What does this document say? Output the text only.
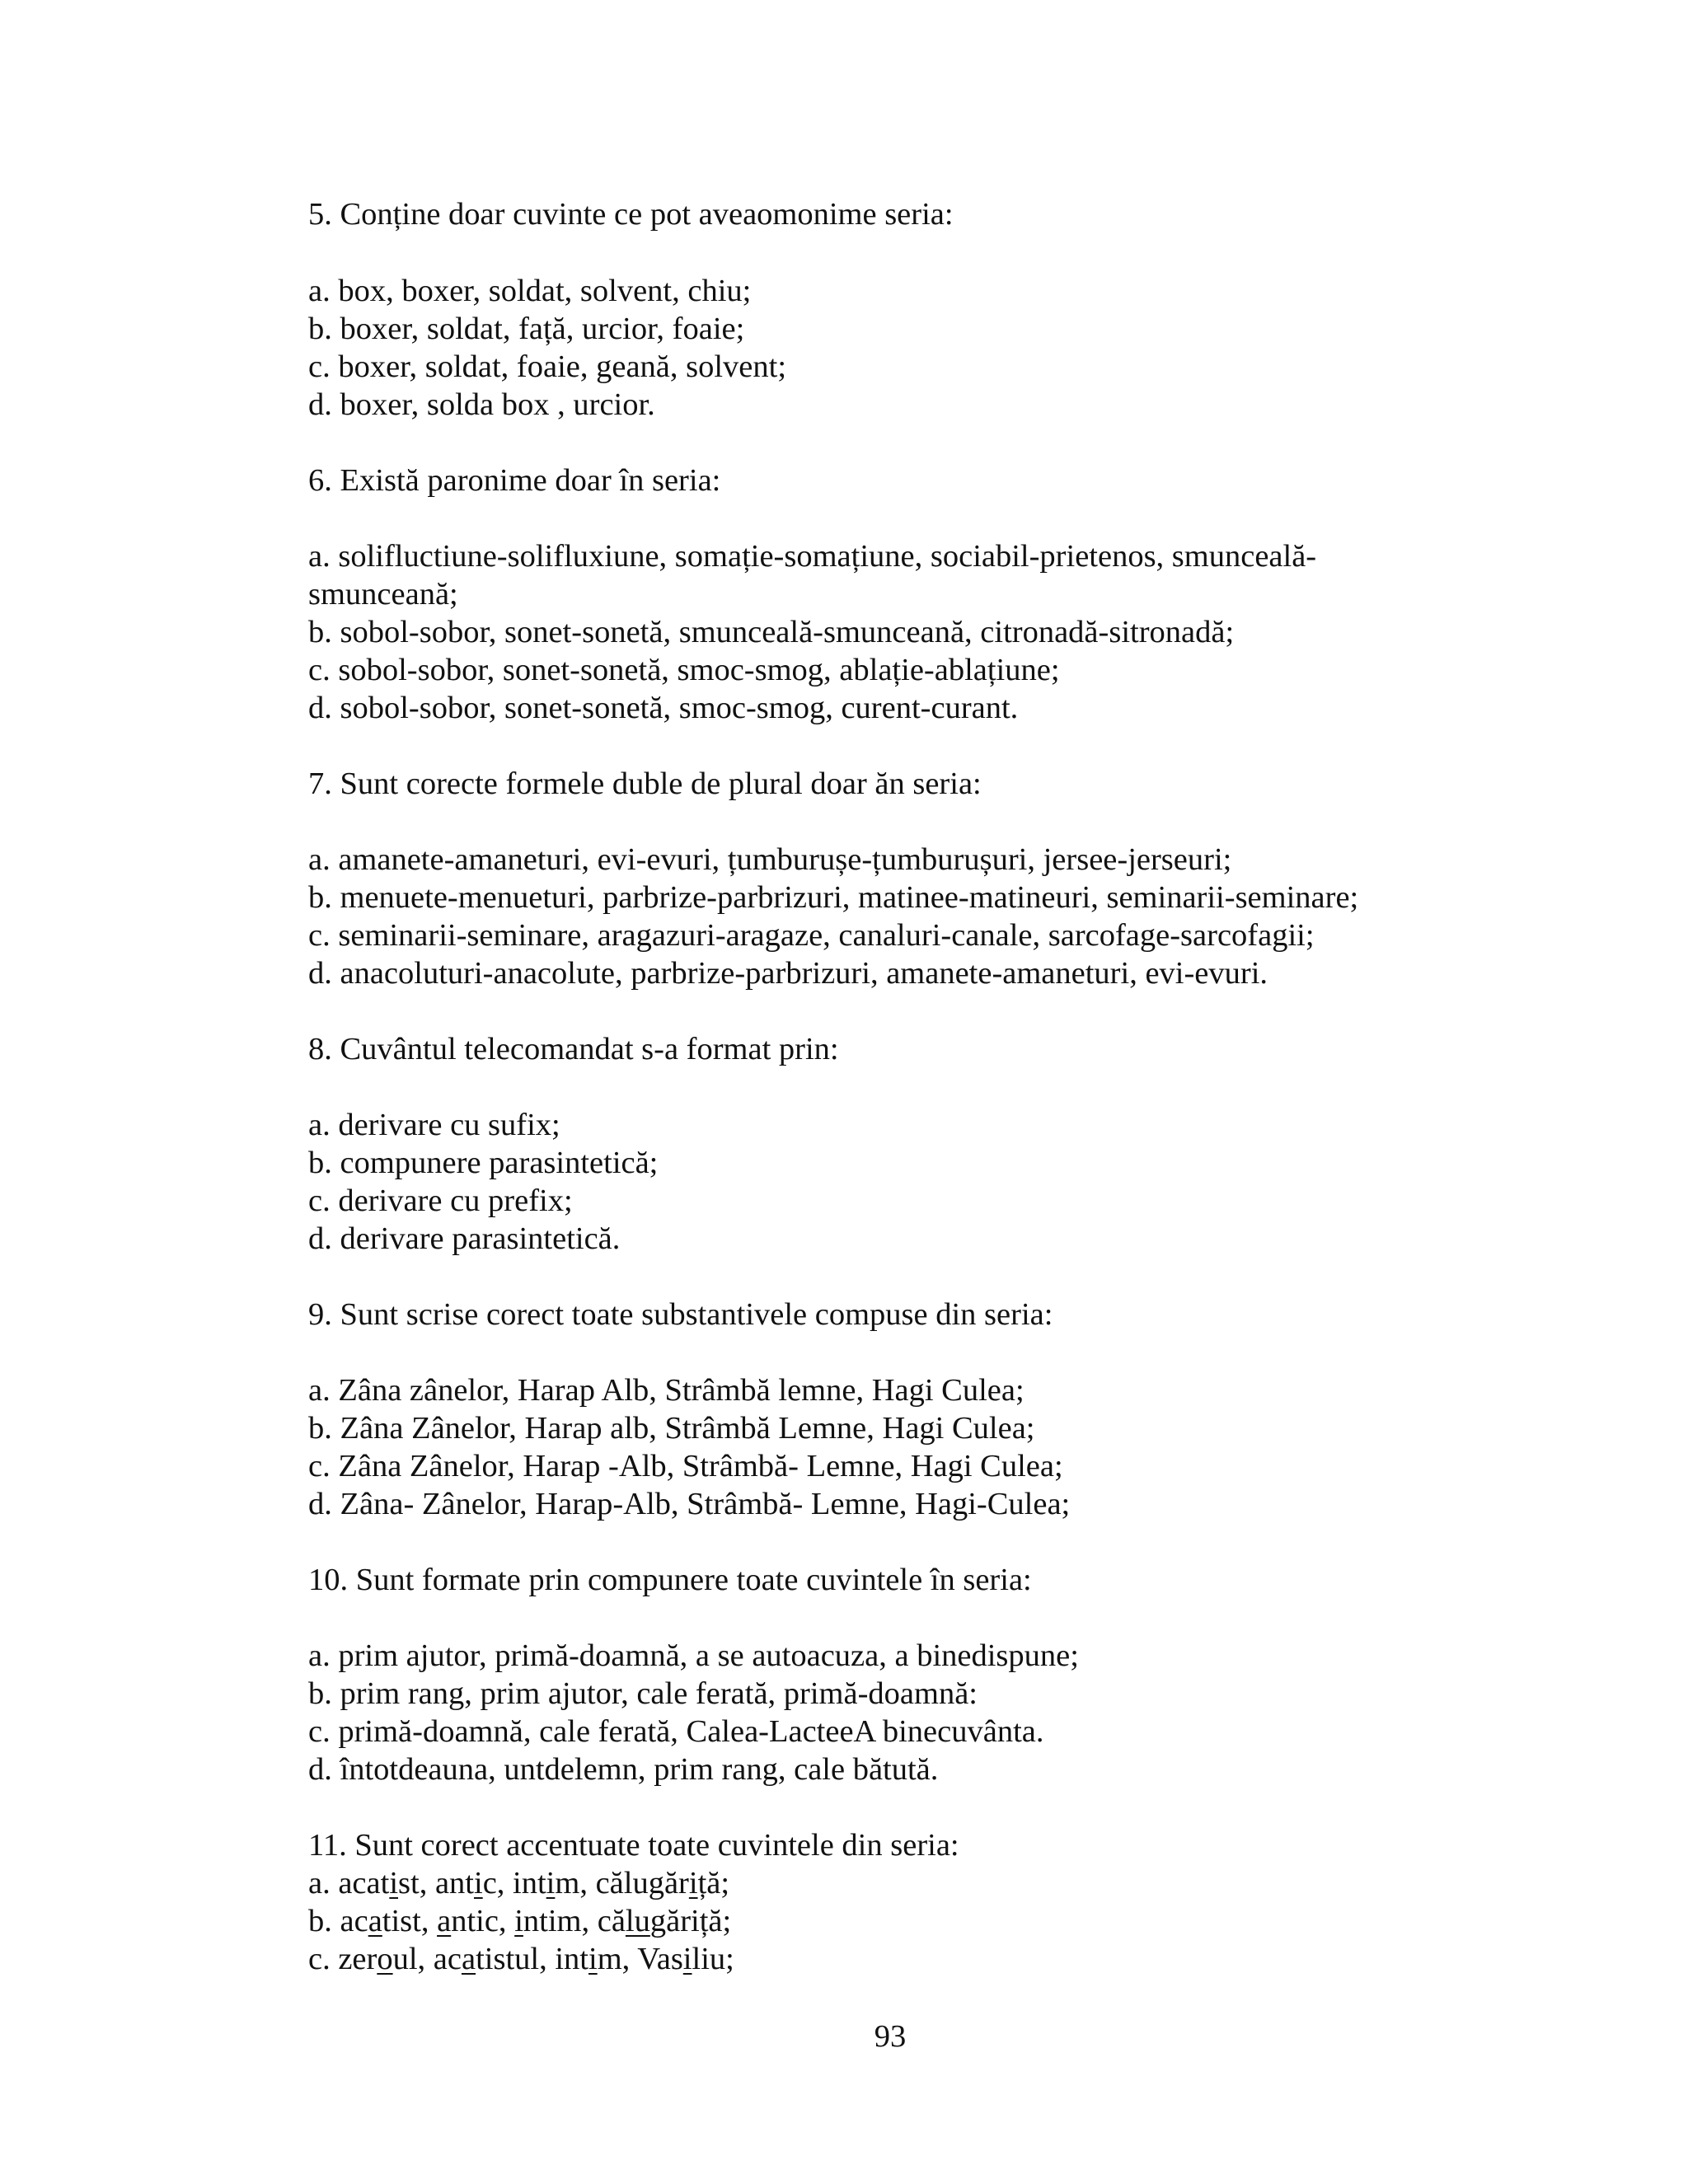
5. Conține doar cuvinte ce pot aveaomonime seria:
a. box, boxer, soldat, solvent, chiu;
b. boxer, soldat, față, urcior, foaie;
c. boxer, soldat, foaie, geană, solvent;
d. boxer, solda box , urcior.
6. Există paronime doar în seria:
a. solifluctiune-solifluxiune, somație-somațiune, sociabil-prietenos, smunceală-
smunceană;
b. sobol-sobor, sonet-sonetă, smunceală-smunceană, citronadă-sitronadă;
c. sobol-sobor, sonet-sonetă, smoc-smog, ablație-ablațiune;
d. sobol-sobor, sonet-sonetă, smoc-smog, curent-curant.
7. Sunt corecte formele duble de plural doar ăn seria:
a. amanete-amaneturi, evi-evuri, țumburușe-țumburușuri, jersee-jerseuri;
b. menuete-menueturi, parbrize-parbrizuri, matinee-matineuri, seminarii-seminare;
c. seminarii-seminare, aragazuri-aragaze, canaluri-canale, sarcofage-sarcofagii;
d. anacoluturi-anacolute, parbrize-parbrizuri, amanete-amaneturi, evi-evuri.
8. Cuvântul telecomandat s-a format prin:
a. derivare cu sufix;
b. compunere parasintetică;
c. derivare cu prefix;
d. derivare parasintetică.
9. Sunt scrise corect toate substantivele compuse din seria:
a. Zâna zânelor, Harap Alb, Strâmbă lemne, Hagi Culea;
b. Zâna Zânelor, Harap alb, Strâmbă Lemne, Hagi Culea;
c. Zâna Zânelor, Harap -Alb, Strâmbă- Lemne, Hagi Culea;
d. Zâna- Zânelor, Harap-Alb, Strâmbă- Lemne, Hagi-Culea;
10. Sunt formate prin compunere toate cuvintele în seria:
a. prim ajutor, primă-doamnă, a se autoacuza, a binedispune;
b. prim rang, prim ajutor, cale ferată, primă-doamnă:
c. primă-doamnă, cale ferată, Calea-LacteeA binecuvânta.
d. întotdeauna, untdelemn, prim rang, cale bătută.
11. Sunt corect accentuate toate cuvintele din seria:
a. acatist, antic, intim, călugăriță;
b. acatist, antic, intim, călugăriță;
c. zeroul, acatistul, intim, Vasiliu;
93
